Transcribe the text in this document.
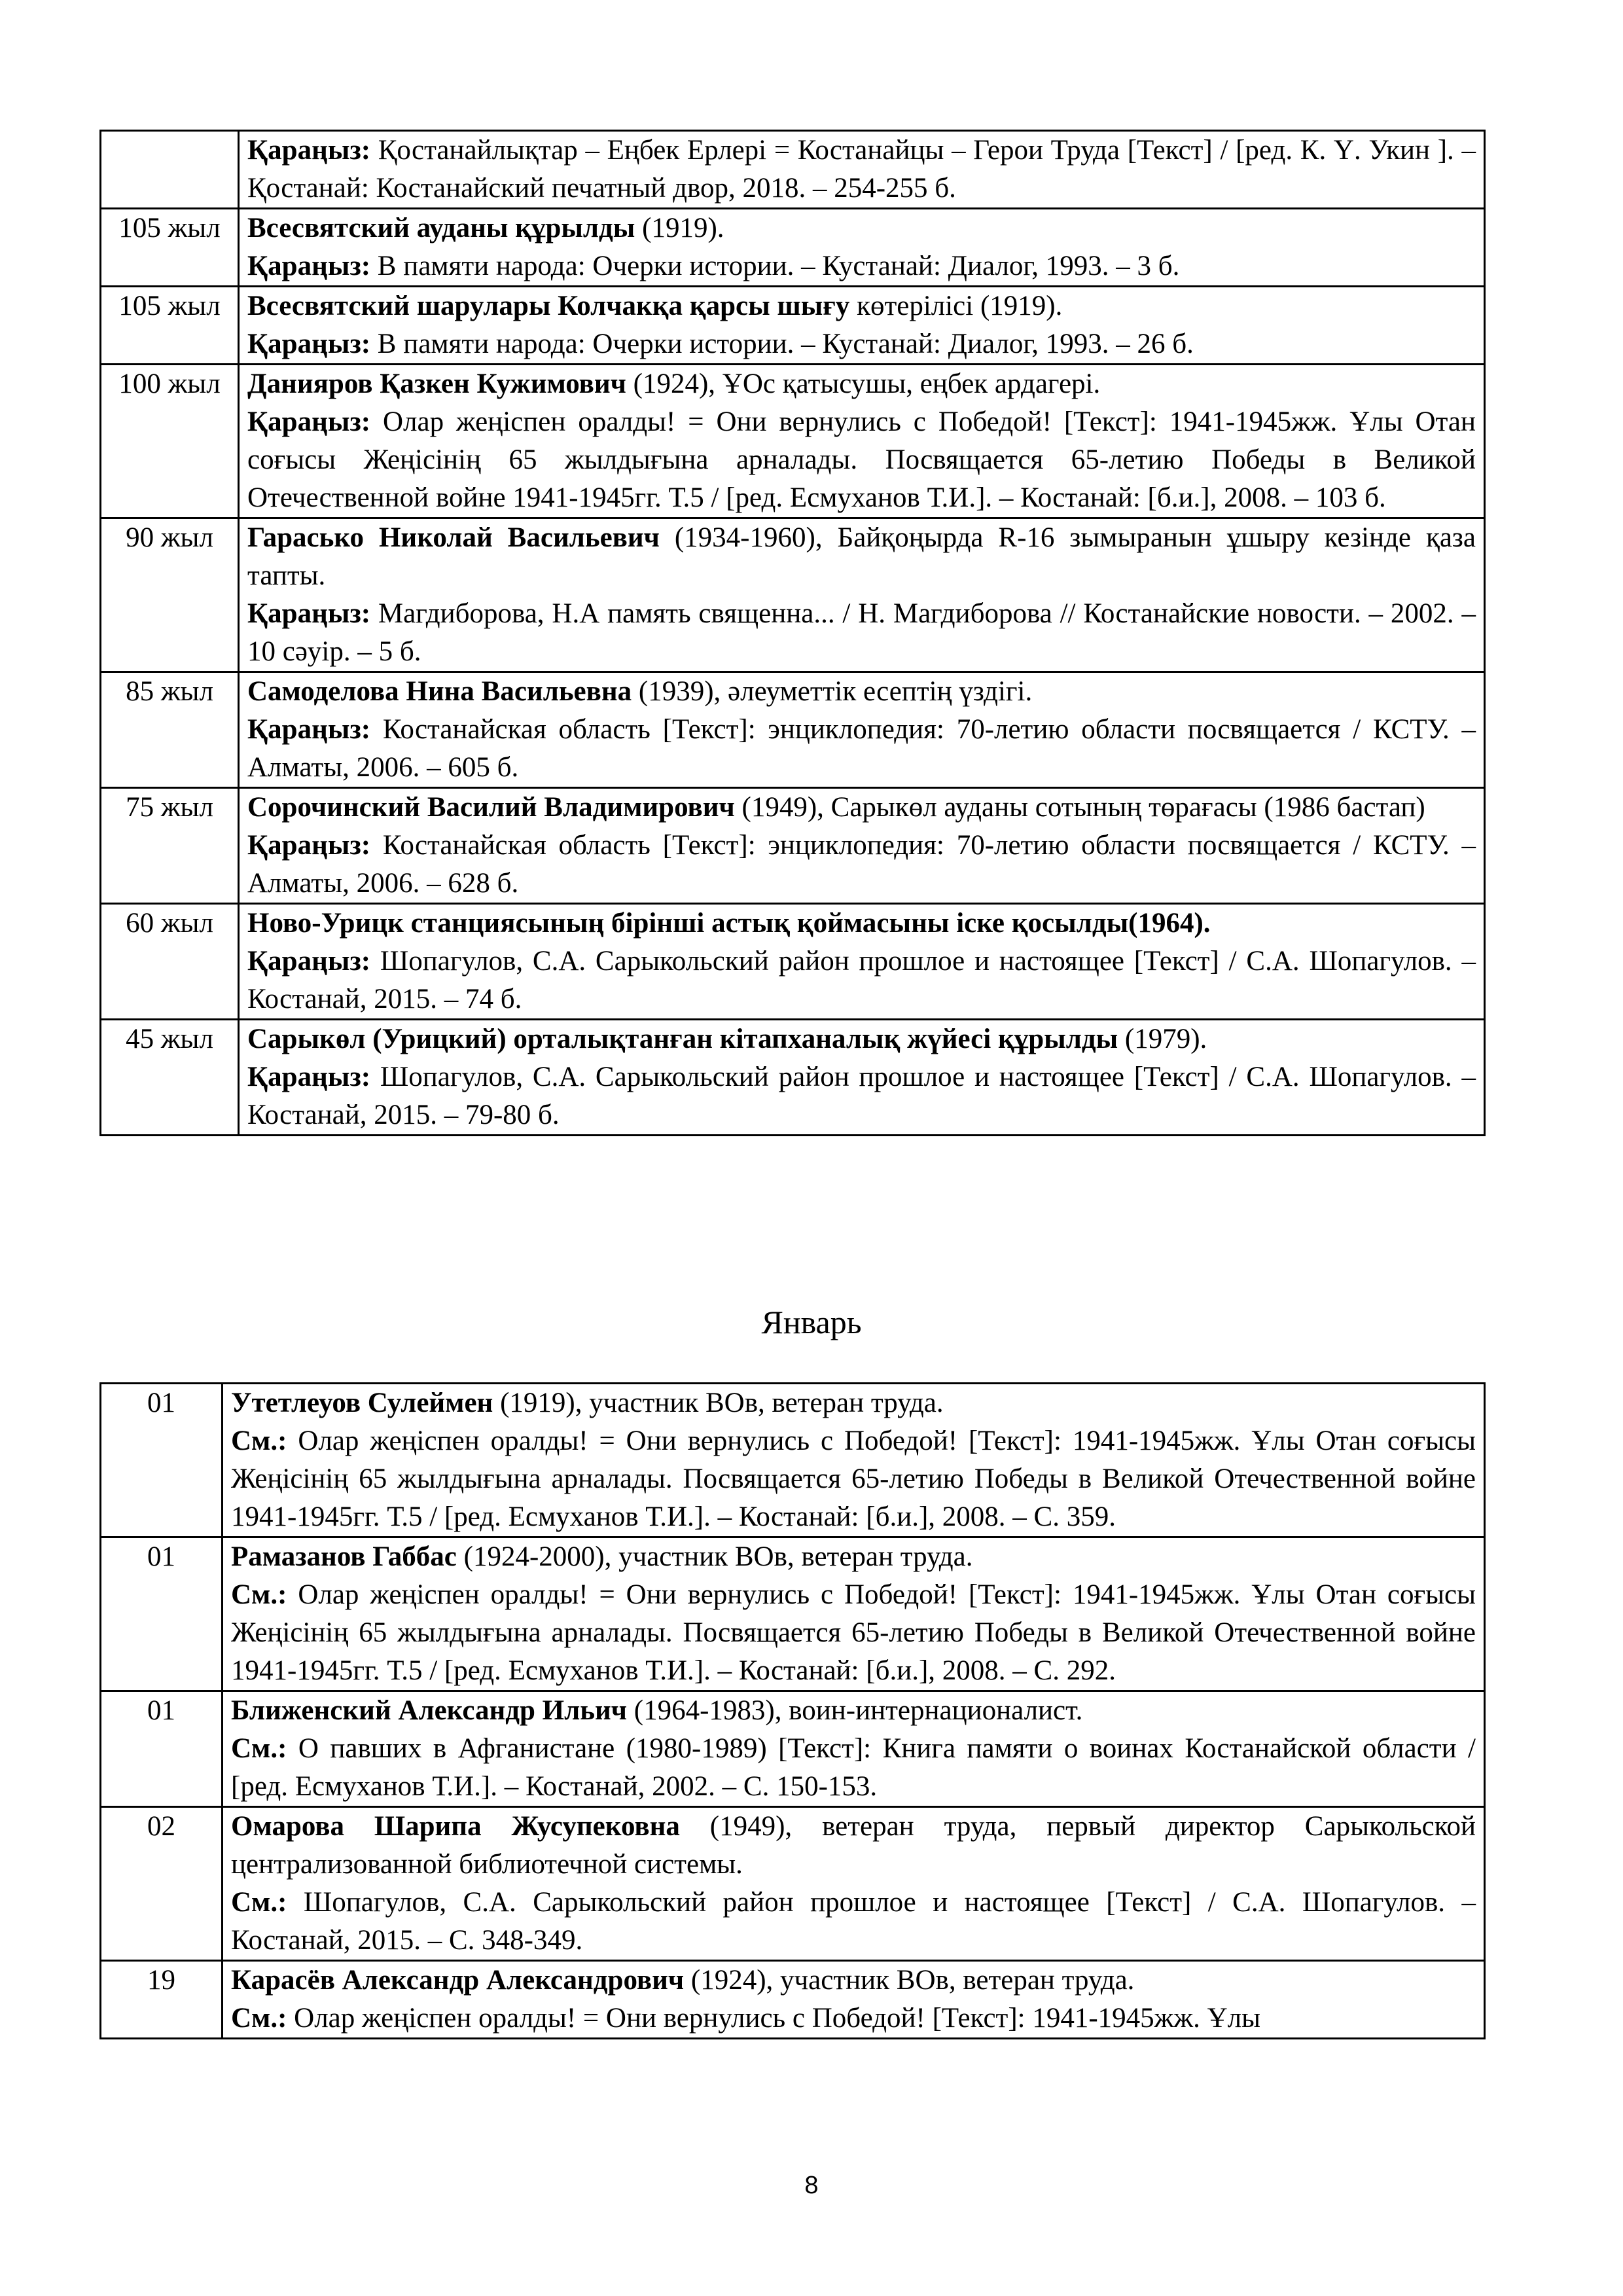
	Қараңыз: Қостанайлықтар – Еңбек Ерлері = Костанайцы – Герои Труда [Текст] / [ред. К. Ү. Укин ]. – Қостанай: Костанайский печатный двор, 2018. – 254-255 б.
105 жыл	Всесвятский ауданы құрылды (1919).
Қараңыз: В памяти народа: Очерки истории. – Кустанай: Диалог, 1993. – 3 б.
105 жыл	Всесвятский шарулары Колчакқа қарсы шығу көтерілісі (1919).
Қараңыз: В памяти народа: Очерки истории. – Кустанай: Диалог, 1993. – 26 б.
100 жыл	Данияров Қазкен Кужимович (1924), ҰОс қатысушы, еңбек ардагері.
Қараңыз: Олар жеңіспен оралды! = Они вернулись с Победой! [Текст]: 1941-1945жж. Ұлы Отан соғысы Жеңісінің 65 жылдығына арналады. Посвящается 65-летию Победы в Великой Отечественной войне 1941-1945гг. Т.5 / [ред. Есмуханов Т.И.]. – Костанай: [б.и.], 2008. – 103 б.
90 жыл	Гарасько Николай Васильевич (1934-1960), Байқоңырда R-16 зымыранын ұшыру кезінде қаза тапты.
Қараңыз: Магдиборова, Н.А память священна... / Н. Магдиборова // Костанайские новости. – 2002. – 10 сәуір. – 5 б.
85 жыл	Самоделова Нина Васильевна (1939), әлеуметтік есептің үздігі.
Қараңыз: Костанайская область [Текст]: энциклопедия: 70-летию области посвящается / КСТУ. – Алматы, 2006. – 605 б.
75 жыл	Сорочинский Василий Владимирович (1949), Сарыкөл ауданы сотының төрағасы (1986 бастап)
Қараңыз: Костанайская область [Текст]: энциклопедия: 70-летию области посвящается / КСТУ. – Алматы, 2006. – 628 б.
60 жыл	Ново-Урицк станциясының бірінші астық қоймасыны іске қосылды(1964).
Қараңыз: Шопагулов, С.А. Сарыкольский район прошлое и настоящее [Текст] / С.А. Шопагулов. – Костанай, 2015. – 74 б.
45 жыл	Сарыкөл (Урицкий) орталықтанған кітапханалық жүйесі құрылды (1979).
Қараңыз: Шопагулов, С.А. Сарыкольский район прошлое и настоящее [Текст] / С.А. Шопагулов. – Костанай, 2015. – 79-80 б.
Январь
01	Утетлеуов Сулеймен (1919), участник ВОв, ветеран труда.
См.: Олар жеңіспен оралды! = Они вернулись с Победой! [Текст]: 1941-1945жж. Ұлы Отан соғысы Жеңісінің 65 жылдығына арналады. Посвящается 65-летию Победы в Великой Отечественной войне 1941-1945гг. Т.5 / [ред. Есмуханов Т.И.]. – Костанай: [б.и.], 2008. – С. 359.
01	Рамазанов Габбас (1924-2000), участник ВОв, ветеран труда.
См.: Олар жеңіспен оралды! = Они вернулись с Победой! [Текст]: 1941-1945жж. Ұлы Отан соғысы Жеңісінің 65 жылдығына арналады. Посвящается 65-летию Победы в Великой Отечественной войне 1941-1945гг. Т.5 / [ред. Есмуханов Т.И.]. – Костанай: [б.и.], 2008. – С. 292.
01	Ближенский Александр Ильич (1964-1983), воин-интернационалист.
См.: О павших в Афганистане (1980-1989) [Текст]: Книга памяти о воинах Костанайской области / [ред. Есмуханов Т.И.]. – Костанай, 2002. – С. 150-153.
02	Омарова Шарипа Жусупековна (1949), ветеран труда, первый директор Сарыкольской централизованной библиотечной системы.
См.: Шопагулов, С.А. Сарыкольский район прошлое и настоящее [Текст] / С.А. Шопагулов. – Костанай, 2015. – С. 348-349.
19	Карасёв Александр Александрович (1924), участник ВОв, ветеран труда.
См.: Олар жеңіспен оралды! = Они вернулись с Победой! [Текст]: 1941-1945жж. Ұлы
8
